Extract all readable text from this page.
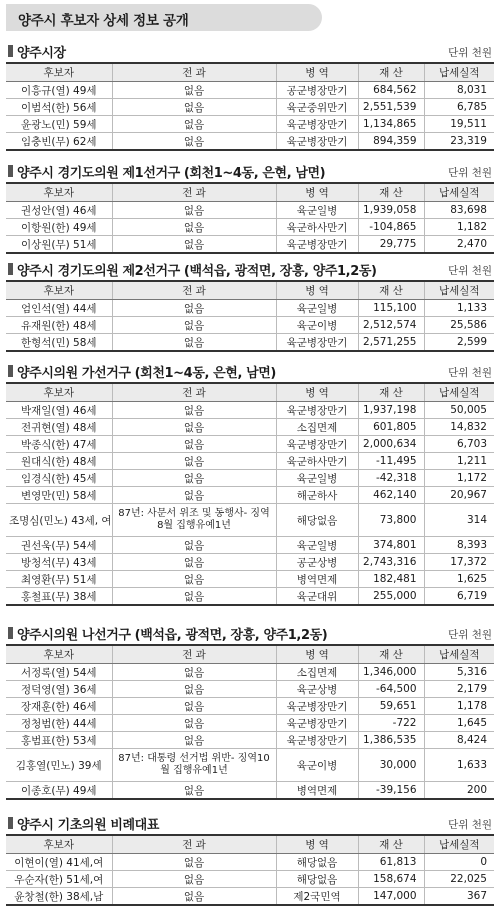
양주시 후보자 상세 정보 공개
양주시장	단위 천원
후보자	전 과	병 역	재 산	납세실적
이흥규(열) 49세	없음	공군병장만기	684,562	8,031
이범석(한) 56세	없음	육군중위만기	2,551,539	6,785
윤광노(민) 59세	없음	육군병장만기	1,134,865	19,511
임충빈(무) 62세	없음	육군병장만기	894,359	23,319
양주시 경기도의원 제1선거구 (회천1~4동, 은현, 남면)	단위 천원
후보자	전 과	병 역	재 산	납세실적
권성안(열) 46세	없음	육군일병	1,939,058	83,698
이항원(한) 49세	없음	육군하사만기	-104,865	1,182
이상원(무) 51세	없음	육군병장만기	29,775	2,470
양주시 경기도의원 제2선거구 (백석읍, 광적면, 장흥, 양주1,2동)	단위 천원
후보자	전 과	병 역	재 산	납세실적
엄인석(열) 44세	없음	육군일병	115,100	1,133
유재원(한) 48세	없음	육군이병	2,512,574	25,586
한형석(민) 58세	없음	육군병장만기	2,571,255	2,599
양주시의원 가선거구 (회천1~4동, 은현, 남면)	단위 천원
후보자	전 과	병 역	재 산	납세실적
박재일(열) 46세	없음	육군병장만기	1,937,198	50,005
전귀현(열) 48세	없음	소집면제	601,805	14,832
박종식(한) 47세	없음	육군병장만기	2,000,634	6,703
원대식(한) 48세	없음	육군하사만기	-11,495	1,211
임경식(한) 45세	없음	육군일병	-42,318	1,172
변영만(민) 58세	없음	해군하사	462,140	20,967
조명심(민노) 43세, 여	87년: 사문서 위조 및 동행사- 징역 8월 집행유예1년	해당없음	73,800	314
권선욱(무) 54세	없음	육군일병	374,801	8,393
방청석(무) 43세	없음	공군상병	2,743,316	17,372
최영환(무) 51세	없음	병역면제	182,481	1,625
홍철표(무) 38세	없음	육군대위	255,000	6,719
양주시의원 나선거구 (백석읍, 광적면, 장흥, 양주1,2동)	단위 천원
후보자	전 과	병 역	재 산	납세실적
서정록(열) 54세	없음	소집면제	1,346,000	5,316
정덕영(열) 36세	없음	육군상병	-64,500	2,179
장재훈(한) 46세	없음	육군병장만기	59,651	1,178
정청범(한) 44세	없음	육군병장만기	-722	1,645
홍범표(한) 53세	없음	육군병장만기	1,386,535	8,424
김홍열(민노) 39세	87년: 대통령 선거법 위반- 징역10월 집행유예1년	육군이병	30,000	1,633
이종호(무) 49세	없음	병역면제	-39,156	200
양주시 기초의원 비례대표	단위 천원
후보자	전 과	병 역	재 산	납세실적
이현이(열) 41세,여	없음	해당없음	61,813	0
우순자(한) 51세,여	없음	해당없음	158,674	22,025
윤창철(한) 38세,남	없음	제2국민역	147,000	367
